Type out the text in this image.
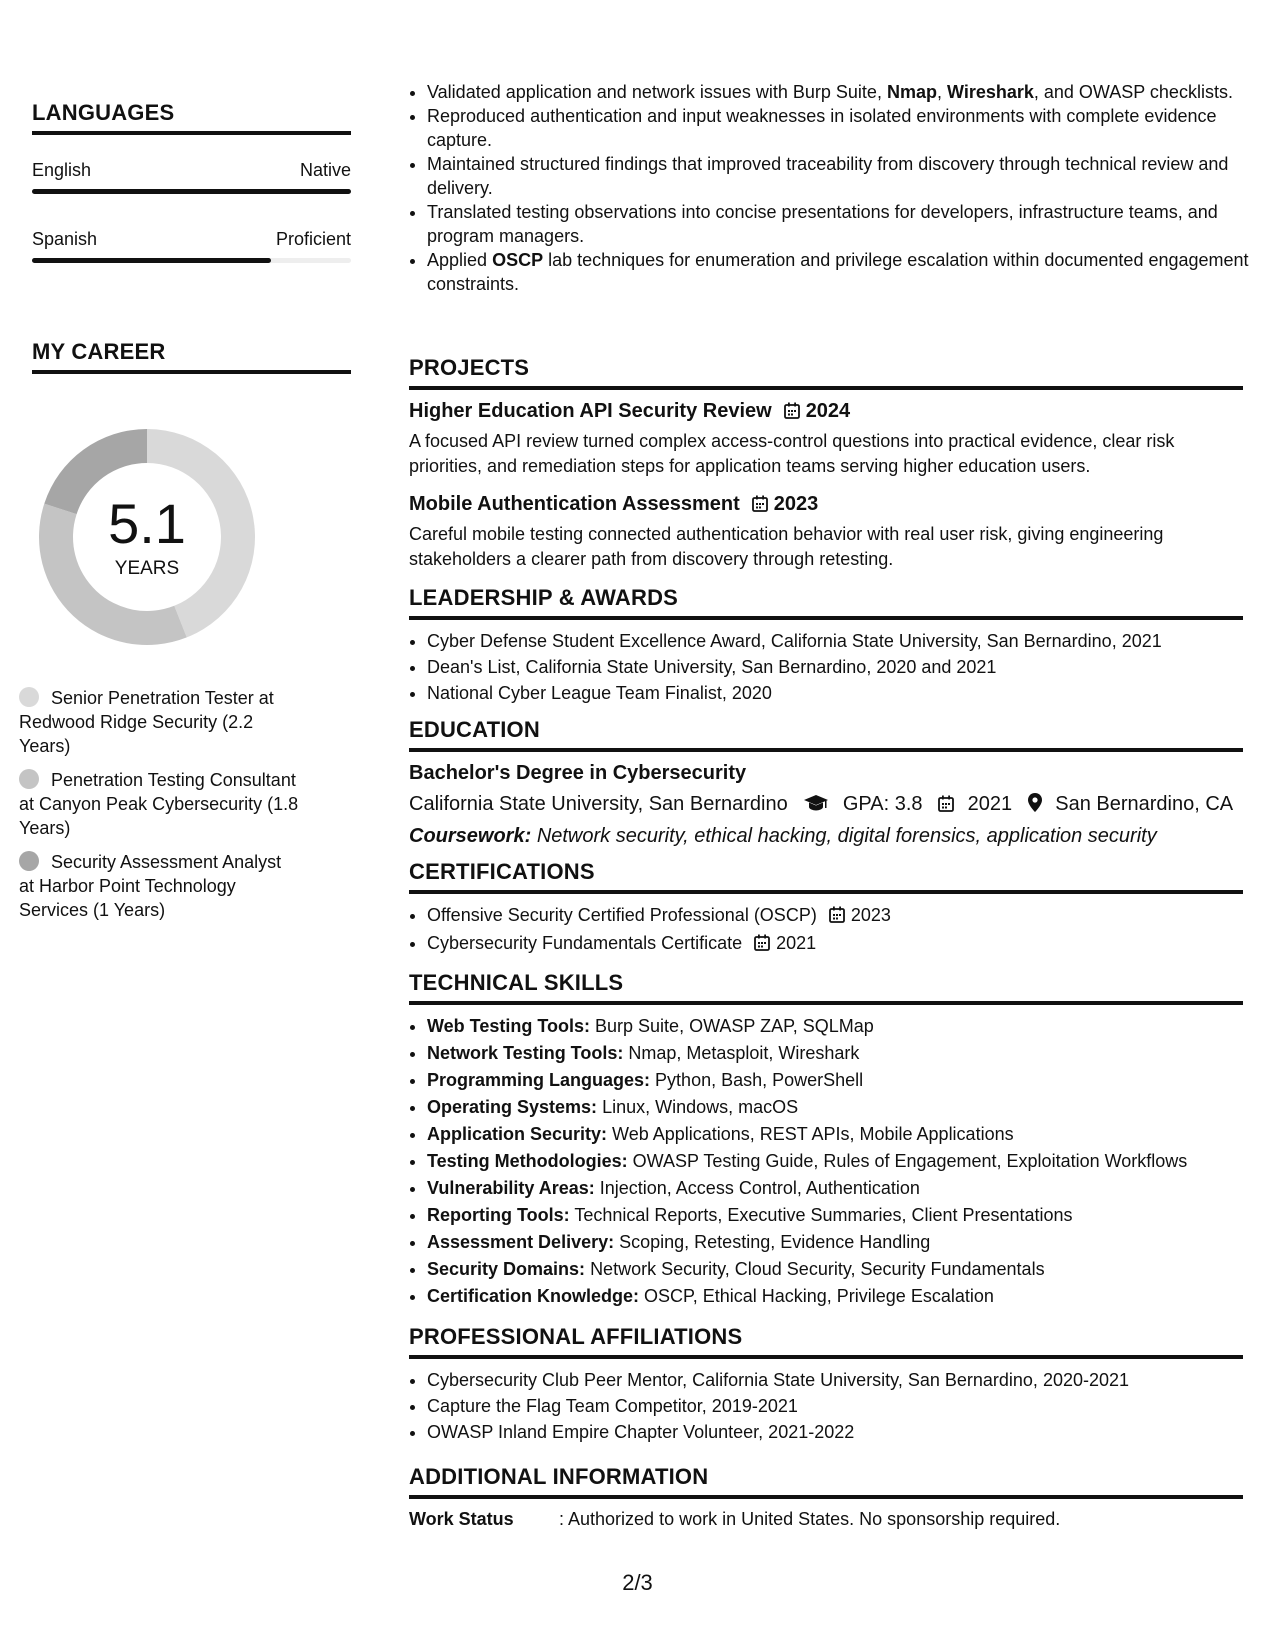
LANGUAGES
English	Native
Spanish	Proficient
MY CAREER
5.1
YEARS
Senior Penetration Tester at Redwood Ridge Security (2.2 Years)
Penetration Testing Consultant at Canyon Peak Cybersecurity (1.8 Years)
Security Assessment Analyst at Harbor Point Technology Services (1 Years)
• Validated application and network issues with Burp Suite, Nmap, Wireshark, and OWASP checklists.
• Reproduced authentication and input weaknesses in isolated environments with complete evidence capture.
• Maintained structured findings that improved traceability from discovery through technical review and delivery.
• Translated testing observations into concise presentations for developers, infrastructure teams, and program managers.
• Applied OSCP lab techniques for enumeration and privilege escalation within documented engagement constraints.
PROJECTS
Higher Education API Security Review 2024
A focused API review turned complex access-control questions into practical evidence, clear risk priorities, and remediation steps for application teams serving higher education users.
Mobile Authentication Assessment 2023
Careful mobile testing connected authentication behavior with real user risk, giving engineering stakeholders a clearer path from discovery through retesting.
LEADERSHIP & AWARDS
• Cyber Defense Student Excellence Award, California State University, San Bernardino, 2021
• Dean's List, California State University, San Bernardino, 2020 and 2021
• National Cyber League Team Finalist, 2020
EDUCATION
Bachelor's Degree in Cybersecurity
California State University, San Bernardino	GPA: 3.8 2021 San Bernardino, CA
Coursework: Network security, ethical hacking, digital forensics, application security
CERTIFICATIONS
• Offensive Security Certified Professional (OSCP) 2023
• Cybersecurity Fundamentals Certificate 2021
TECHNICAL SKILLS
• Web Testing Tools: Burp Suite, OWASP ZAP, SQLMap
• Network Testing Tools: Nmap, Metasploit, Wireshark
• Programming Languages: Python, Bash, PowerShell
• Operating Systems: Linux, Windows, macOS
• Application Security: Web Applications, REST APIs, Mobile Applications
• Testing Methodologies: OWASP Testing Guide, Rules of Engagement, Exploitation Workflows
• Vulnerability Areas: Injection, Access Control, Authentication
• Reporting Tools: Technical Reports, Executive Summaries, Client Presentations
• Assessment Delivery: Scoping, Retesting, Evidence Handling
• Security Domains: Network Security, Cloud Security, Security Fundamentals
• Certification Knowledge: OSCP, Ethical Hacking, Privilege Escalation
PROFESSIONAL AFFILIATIONS
• Cybersecurity Club Peer Mentor, California State University, San Bernardino, 2020-2021
• Capture the Flag Team Competitor, 2019-2021
• OWASP Inland Empire Chapter Volunteer, 2021-2022
ADDITIONAL INFORMATION
Work Status	: Authorized to work in United States. No sponsorship required.
2/3
